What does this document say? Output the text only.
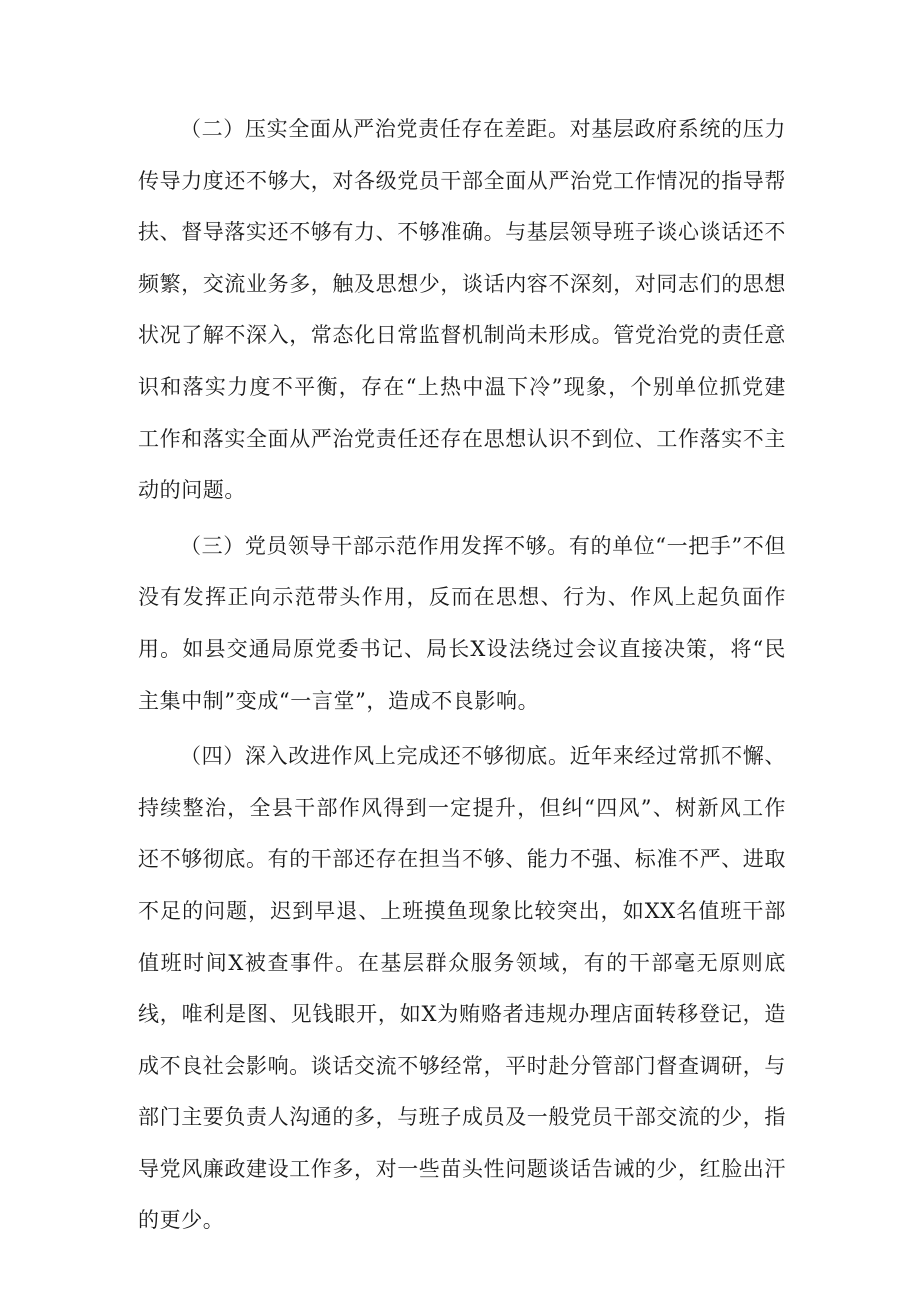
（二）压实全面从严治党责任存在差距。对基层政府系统的压力传导力度还不够大，对各级党员干部全面从严治党工作情况的指导帮扶、督导落实还不够有力、不够准确。与基层领导班子谈心谈话还不频繁，交流业务多，触及思想少，谈话内容不深刻，对同志们的思想状况了解不深入，常态化日常监督机制尚未形成。管党治党的责任意识和落实力度不平衡，存在“上热中温下冷”现象，个别单位抓党建工作和落实全面从严治党责任还存在思想认识不到位、工作落实不主动的问题。

（三）党员领导干部示范作用发挥不够。有的单位“一把手”不但没有发挥正向示范带头作用，反而在思想、行为、作风上起负面作用。如县交通局原党委书记、局长X设法绕过会议直接决策，将“民主集中制”变成“一言堂”，造成不良影响。

（四）深入改进作风上完成还不够彻底。近年来经过常抓不懈、持续整治，全县干部作风得到一定提升，但纠“四风”、树新风工作还不够彻底。有的干部还存在担当不够、能力不强、标准不严、进取不足的问题，迟到早退、上班摸鱼现象比较突出，如XX名值班干部值班时间X被查事件。在基层群众服务领域，有的干部毫无原则底线，唯利是图、见钱眼开，如X为贿赂者违规办理店面转移登记，造成不良社会影响。谈话交流不够经常，平时赴分管部门督查调研，与部门主要负责人沟通的多，与班子成员及一般党员干部交流的少，指导党风廉政建设工作多，对一些苗头性问题谈话告诫的少，红脸出汗的更少。
